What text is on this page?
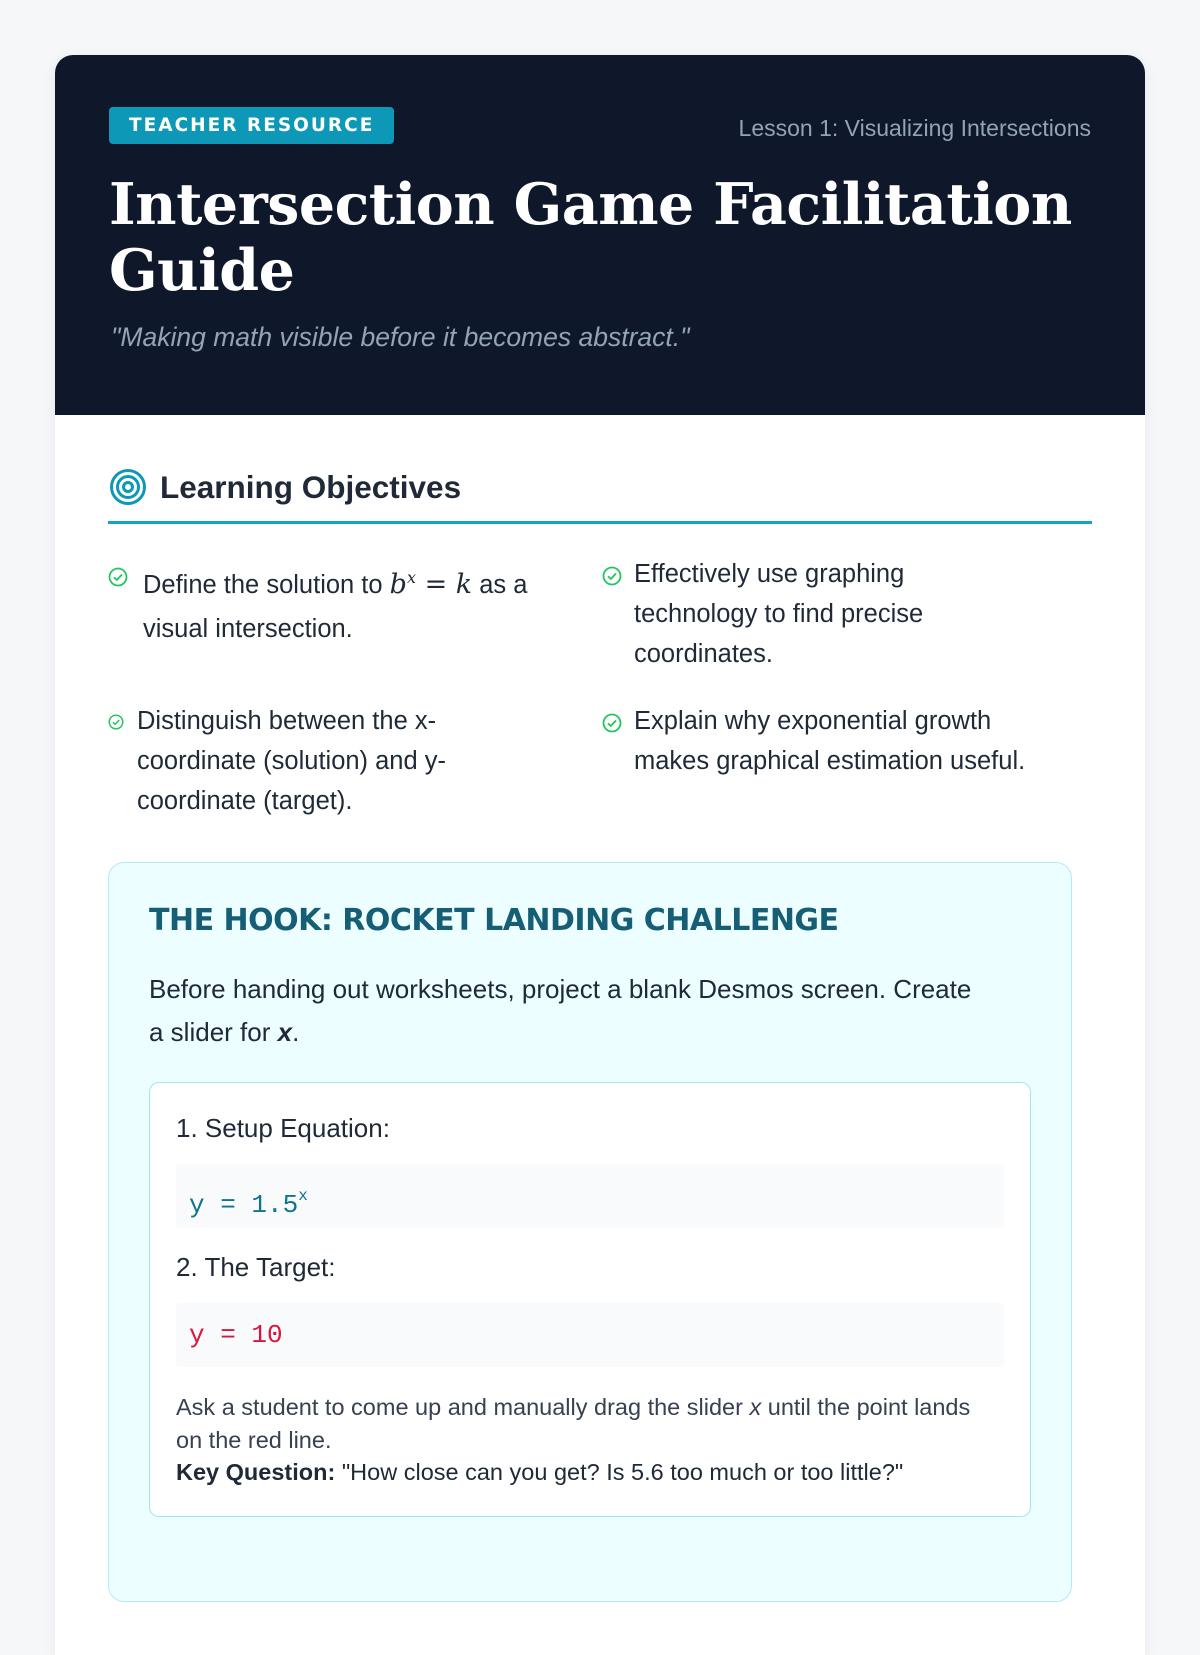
TEACHER RESOURCE	Lesson 1: Visualizing Intersections
Intersection Game Facilitation
Guide
"Making math visible before it becomes abstract."
Learning Objectives
Define the solution to $b^x = k$ as a
visual intersection.
Effectively use graphing
technology to find precise
coordinates.
Distinguish between the x-
coordinate (solution) and y-
coordinate (target).
Explain why exponential growth
makes graphical estimation useful.
THE HOOK: ROCKET LANDING CHALLENGE
Before handing out worksheets, project a blank Desmos screen. Create
a slider for x.
1. Setup Equation:
$y = 1.5^x$
2. The Target:
y = 10
Ask a student to come up and manually drag the slider x until the point lands
on the red line.
Key Question: "How close can you get? Is 5.6 too much or too little?"
